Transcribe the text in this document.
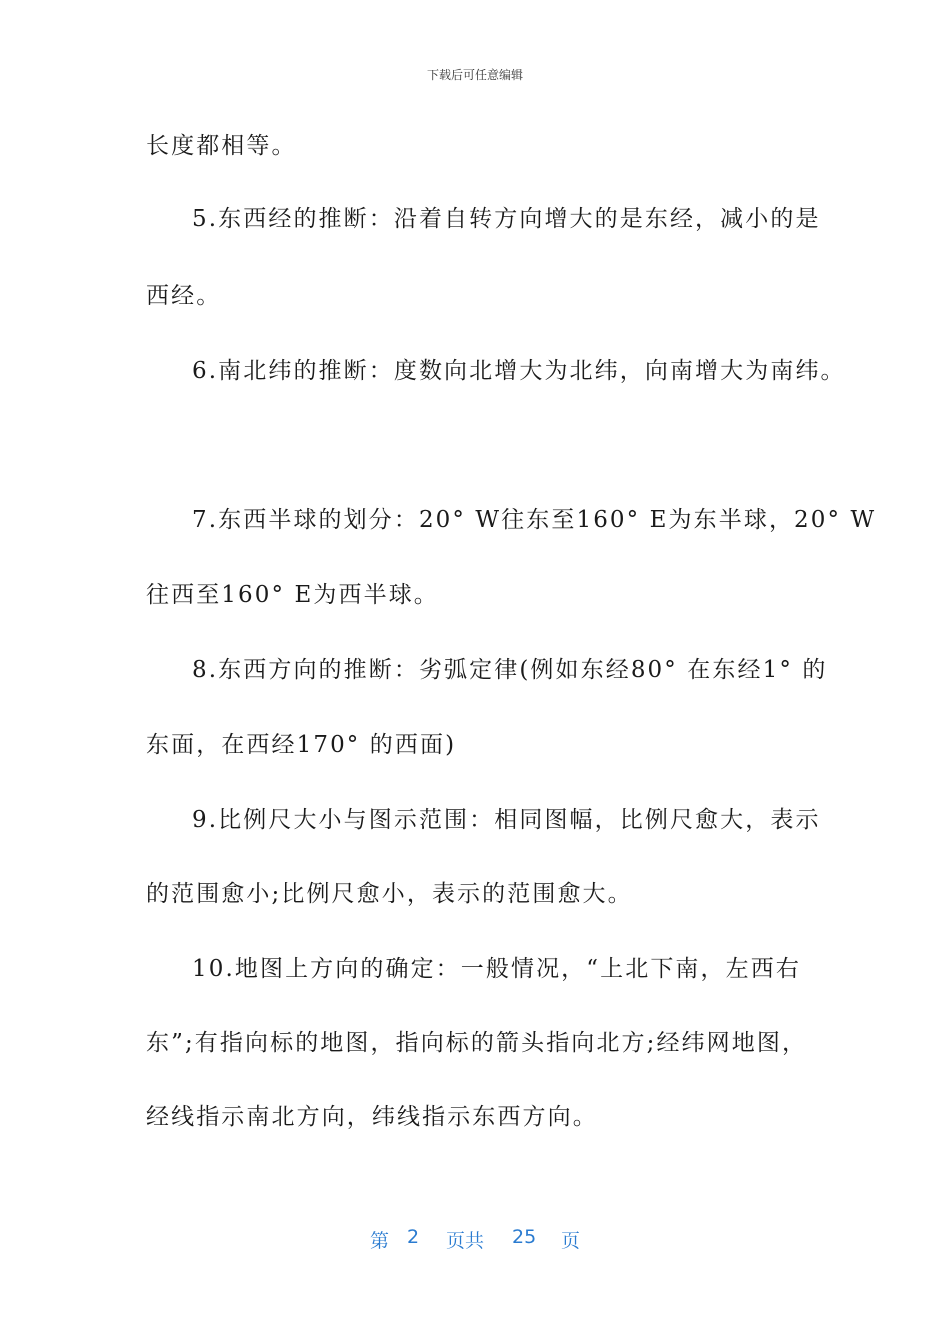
下载后可任意编辑
长度都相等。
5.东西经的推断：沿着自转方向增大的是东经，减小的是
西经。
6.南北纬的推断：度数向北增大为北纬，向南增大为南纬。
7.东西半球的划分：20° W往东至160° E为东半球，20° W
往西至160° E为西半球。
8.东西方向的推断：劣弧定律(例如东经80° 在东经1° 的
东面，在西经170° 的西面)
9.比例尺大小与图示范围：相同图幅，比例尺愈大，表示
的范围愈小;比例尺愈小，表示的范围愈大。
10.地图上方向的确定：一般情况，“上北下南，左西右
东”;有指向标的地图，指向标的箭头指向北方;经纬网地图，
经线指示南北方向，纬线指示东西方向。
第 2 页共 25 页
